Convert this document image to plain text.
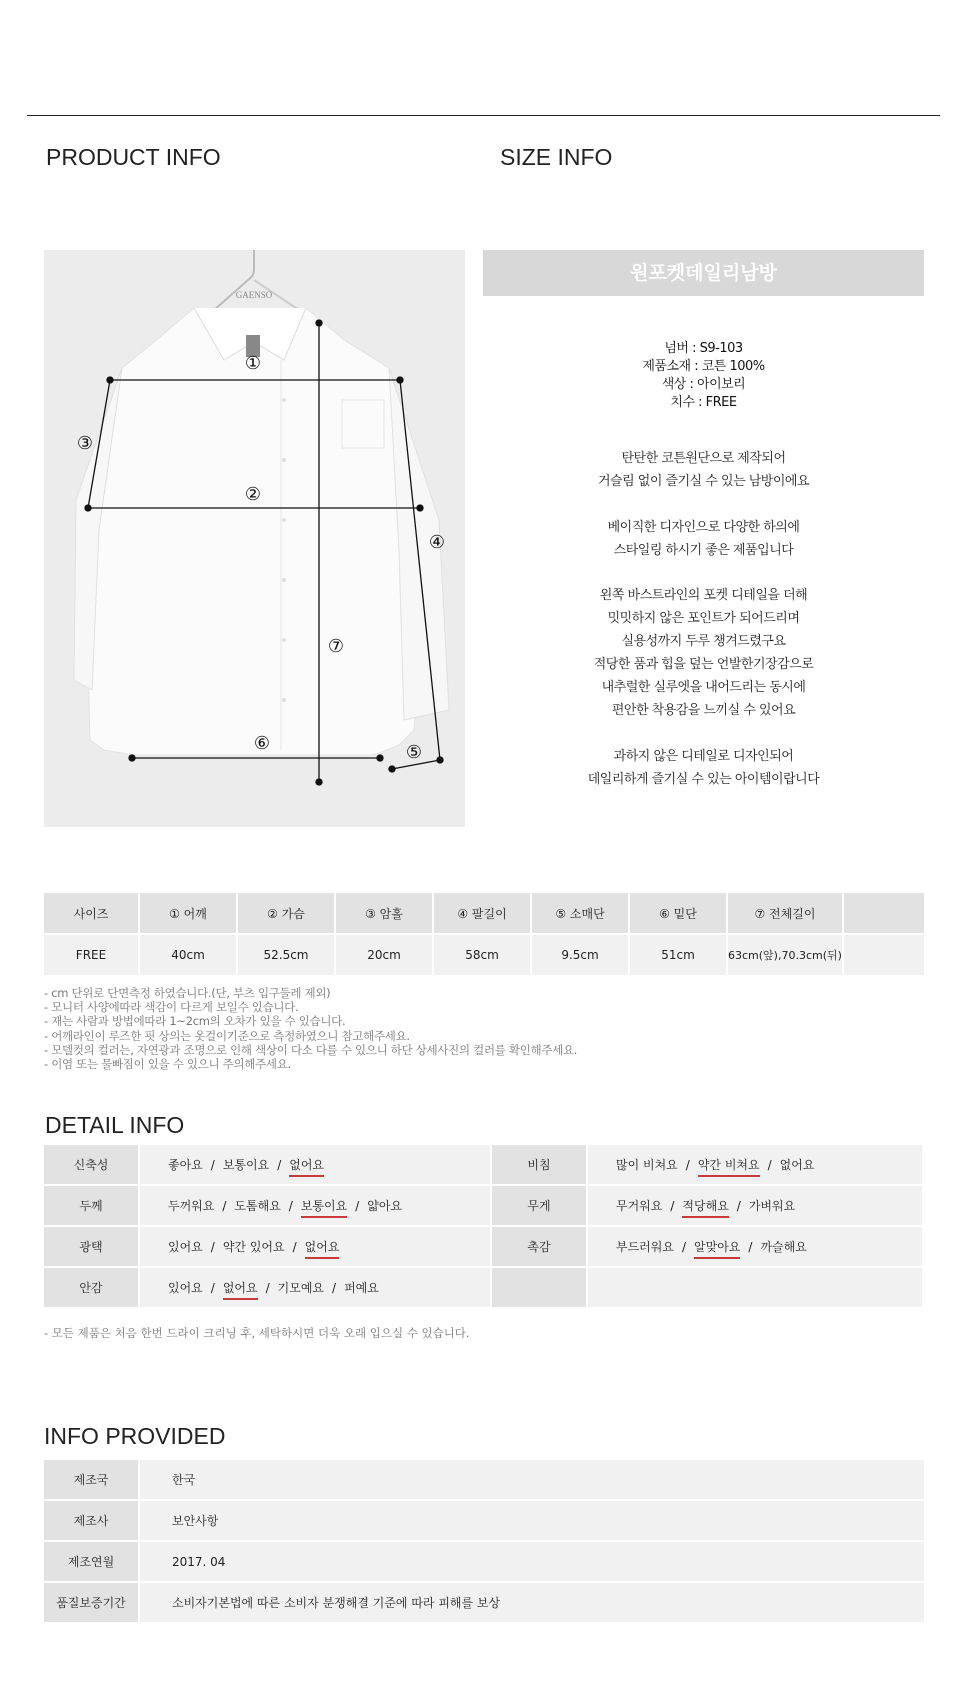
PRODUCT INFO	SIZE INFO
GAENSO
①
②
③
④
⑤
⑥
⑦
원포켓데일리남방
넘버 : S9-103
제품소재 : 코튼 100%
색상 : 아이보리
치수 : FREE
탄탄한 코튼원단으로 제작되어
거슬림 없이 즐기실 수 있는 남방이에요
베이직한 디자인으로 다양한 하의에
스타일링 하시기 좋은 제품입니다
왼쪽 바스트라인의 포켓 디테일을 더해
밋밋하지 않은 포인트가 되어드리며
실용성까지 두루 챙겨드렸구요
적당한 품과 힙을 덮는 언발한기장감으로
내추럴한 실루엣을 내어드리는 동시에
편안한 착용감을 느끼실 수 있어요
과하지 않은 디테일로 디자인되어
데일리하게 즐기실 수 있는 아이템이랍니다
사이즈	① 어깨	② 가슴	③ 암홀	④ 팔길이	⑤ 소매단	⑥ 밑단	⑦ 전체길이	
FREE	40cm	52.5cm	20cm	58cm	9.5cm	51cm	63cm(앞),70.3cm(뒤)	
- cm 단위로 단면측정 하였습니다.(단, 부츠 입구둘레 제외)
- 모니터 사양에따라 색감이 다르게 보일수 있습니다.
- 재는 사람과 방법에따라 1~2cm의 오차가 있을 수 있습니다.
- 어깨라인이 루즈한 핏 상의는 옷걸이기준으로 측정하였으니 참고해주세요.
- 모델컷의 컬러는, 자연광과 조명으로 인해 색상이 다소 다를 수 있으니 하단 상세사진의 컬러를 확인해주세요.
- 이염 또는 물빠짐이 있을 수 있으니 주의해주세요.
DETAIL INFO
신축성	좋아요 / 보통이요 / 없어요	비침	많이 비쳐요 / 약간 비쳐요 / 없어요
두께	두꺼워요 / 도톰해요 / 보통이요 / 얇아요	무게	무거워요 / 적당해요 / 가벼워요
광택	있어요 / 약간 있어요 / 없어요	촉감	부드러워요 / 알맞아요 / 까슬해요
안감	있어요 / 없어요 / 기모예요 / 퍼예요		
- 모든 제품은 처음 한번 드라이 크리닝 후, 세탁하시면 더욱 오래 입으실 수 있습니다.
INFO PROVIDED
제조국	한국
제조사	보안사항
제조연월	2017. 04
품질보증기간	소비자기본법에 따른 소비자 분쟁해결 기준에 따라 피해를 보상
